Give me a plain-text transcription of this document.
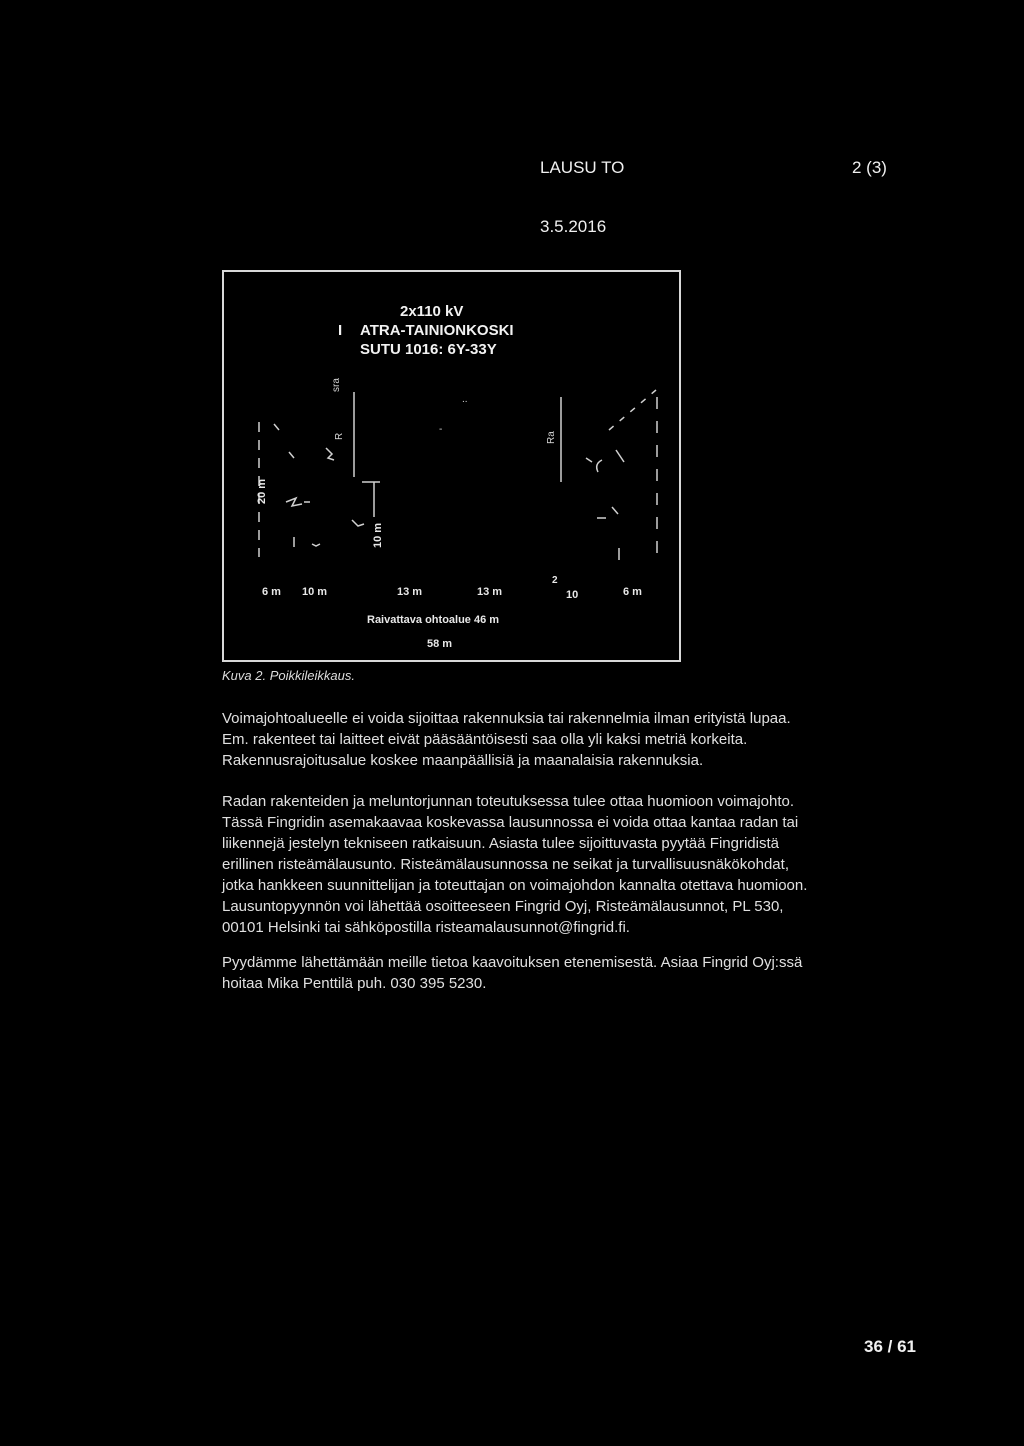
LAUSU TO	2 (3)
3.5.2016
sra
R	Ra
..
-
2x110 kV
I ATRA-TAINIONKOSKI
SUTU 1016: 6Y-33Y
20 m
10 m
6 m 10 m	13 m	13 m
2
10	6 m
Raivattava ohtoalue 46 m
58 m
Kuva 2. Poikkileikkaus.

Voimajohtoalueelle ei voida sijoittaa rakennuksia tai rakennelmia ilman erityistä lupaa.

Em. rakenteet tai laitteet eivät pääsääntöisesti saa olla yli kaksi metriä korkeita.

Rakennusrajoitusalue koskee maanpäällisiä ja maanalaisia rakennuksia.

Radan rakenteiden ja meluntorjunnan toteutuksessa tulee ottaa huomioon voimajohto.

Tässä Fingridin asemakaavaa koskevassa lausunnossa ei voida ottaa kantaa radan tai

liikennejä jestelyn tekniseen ratkaisuun. Asiasta tulee sijoittuvasta pyytää Fingridistä

erillinen risteämälausunto. Risteämälausunnossa ne seikat ja turvallisuusnäkökohdat,

jotka hankkeen suunnittelijan ja toteuttajan on voimajohdon kannalta otettava huomioon.

Lausuntopyynnön voi lähettää osoitteeseen Fingrid Oyj, Risteämälausunnot, PL 530,

00101 Helsinki tai sähköpostilla risteamalausunnot@fingrid.fi.

Pyydämme lähettämään meille tietoa kaavoituksen etenemisestä. Asiaa Fingrid Oyj:ssä

hoitaa Mika Penttilä puh. 030 395 5230.

36 / 61
